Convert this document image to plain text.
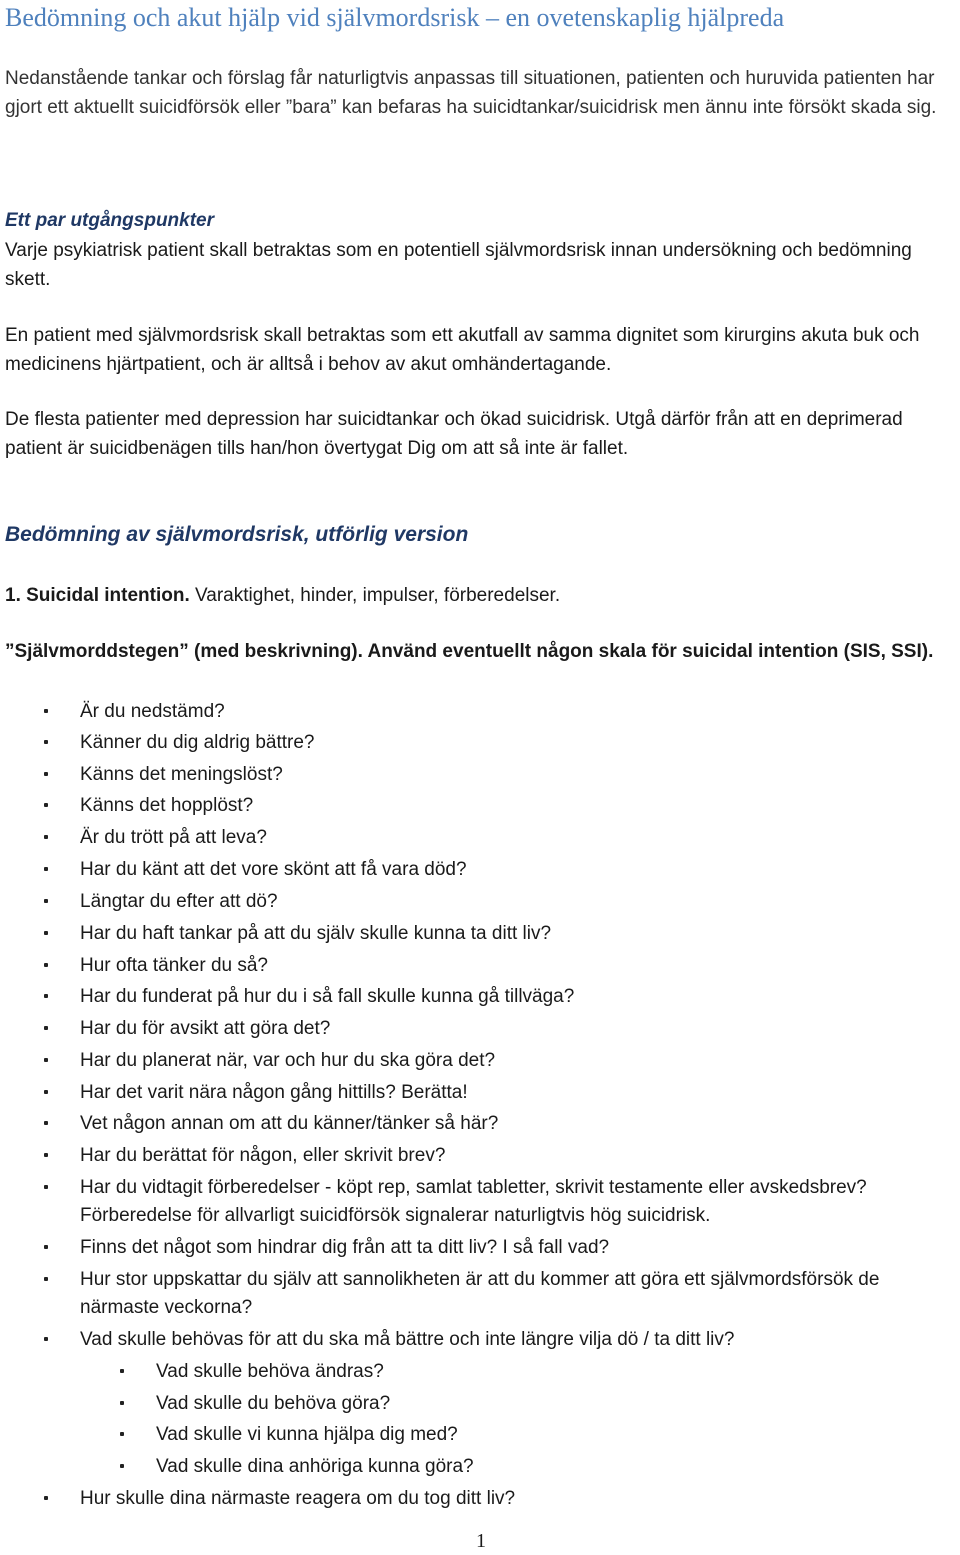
Bedömning och akut hjälp vid självmordsrisk – en ovetenskaplig hjälpreda

Nedanstående tankar och förslag får naturligtvis anpassas till situationen, patienten och huruvida patienten har gjort ett aktuellt suicidförsök eller ”bara” kan befaras ha suicidtankar/suicidrisk men ännu inte försökt skada sig.

Ett par utgångspunkter

Varje psykiatrisk patient skall betraktas som en potentiell självmordsrisk innan undersökning och bedömning skett.

En patient med självmordsrisk skall betraktas som ett akutfall av samma dignitet som kirurgins akuta buk och medicinens hjärtpatient, och är alltså i behov av akut omhändertagande.

De flesta patienter med depression har suicidtankar och ökad suicidrisk. Utgå därför från att en deprimerad patient är suicidbenägen tills han/hon övertygat Dig om att så inte är fallet.

Bedömning av självmordsrisk, utförlig version

1. Suicidal intention. Varaktighet, hinder, impulser, förberedelser.

”Självmorddstegen” (med beskrivning). Använd eventuellt någon skala för suicidal intention (SIS, SSI).

Är du nedstämd?
Känner du dig aldrig bättre?
Känns det meningslöst?
Känns det hopplöst?
Är du trött på att leva?
Har du känt att det vore skönt att få vara död?
Längtar du efter att dö?
Har du haft tankar på att du själv skulle kunna ta ditt liv?
Hur ofta tänker du så?
Har du funderat på hur du i så fall skulle kunna gå tillväga?
Har du för avsikt att göra det?
Har du planerat när, var och hur du ska göra det?
Har det varit nära någon gång hittills? Berätta!
Vet någon annan om att du känner/tänker så här?
Har du berättat för någon, eller skrivit brev?
Har du vidtagit förberedelser - köpt rep, samlat tabletter, skrivit testamente eller avskedsbrev? Förberedelse för allvarligt suicidförsök signalerar naturligtvis hög suicidrisk.
Finns det något som hindrar dig från att ta ditt liv? I så fall vad?
Hur stor uppskattar du själv att sannolikheten är att du kommer att göra ett självmordsförsök de närmaste veckorna?
Vad skulle behövas för att du ska må bättre och inte längre vilja dö / ta ditt liv?
Vad skulle behöva ändras?
Vad skulle du behöva göra?
Vad skulle vi kunna hjälpa dig med?
Vad skulle dina anhöriga kunna göra?
Hur skulle dina närmaste reagera om du tog ditt liv?
1
